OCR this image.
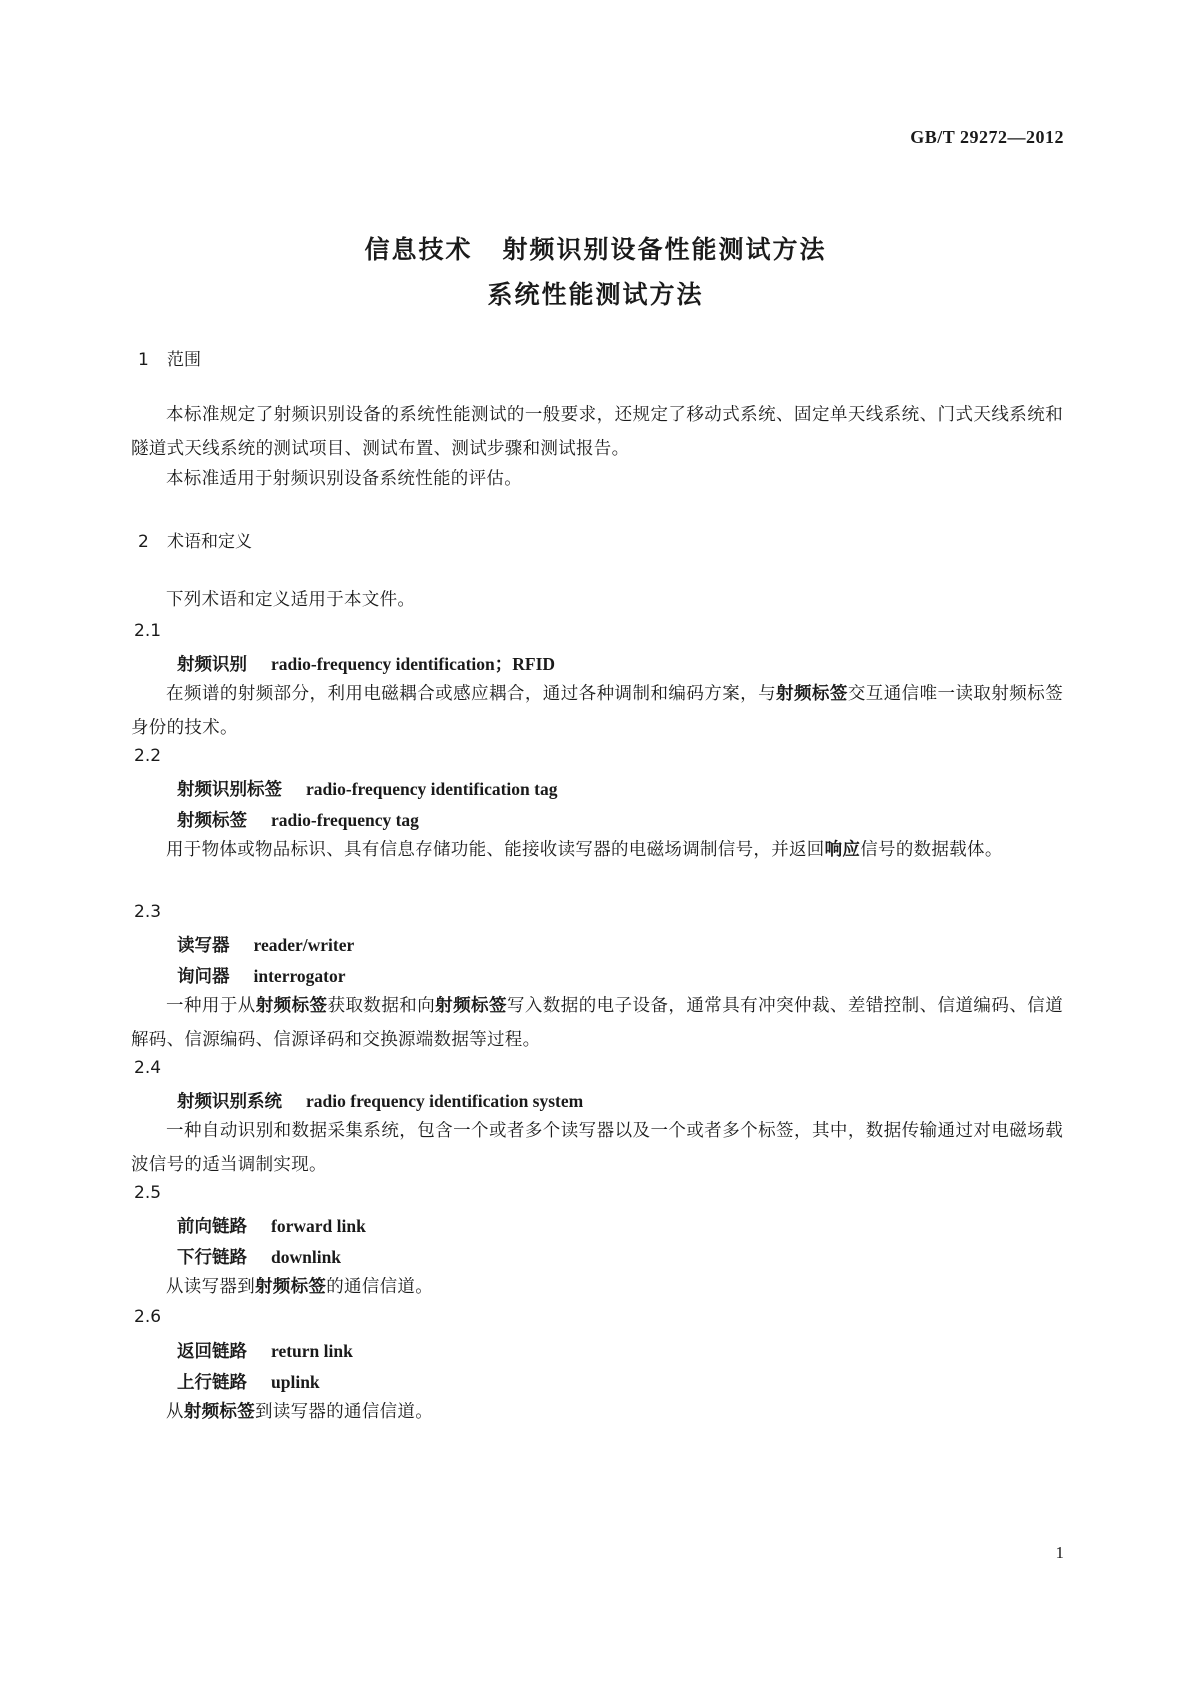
GB/T 29272—2012
信息技术 射频识别设备性能测试方法
系统性能测试方法
1 范围

本标准规定了射频识别设备的系统性能测试的一般要求，还规定了移动式系统、固定单天线系统、门式天线系统和隧道式天线系统的测试项目、测试布置、测试步骤和测试报告。

本标准适用于射频识别设备系统性能的评估。

2 术语和定义

下列术语和定义适用于本文件。

2.1
射频识别 radio-frequency identification；RFID

在频谱的射频部分，利用电磁耦合或感应耦合，通过各种调制和编码方案，与射频标签交互通信唯一读取射频标签身份的技术。

2.2
射频识别标签 radio-frequency identification tag
射频标签 radio-frequency tag

用于物体或物品标识、具有信息存储功能、能接收读写器的电磁场调制信号，并返回响应信号的数据载体。

2.3
读写器 reader/writer
询问器 interrogator

一种用于从射频标签获取数据和向射频标签写入数据的电子设备，通常具有冲突仲裁、差错控制、信道编码、信道解码、信源编码、信源译码和交换源端数据等过程。

2.4
射频识别系统 radio frequency identification system

一种自动识别和数据采集系统，包含一个或者多个读写器以及一个或者多个标签，其中，数据传输通过对电磁场载波信号的适当调制实现。

2.5
前向链路 forward link
下行链路 downlink

从读写器到射频标签的通信信道。

2.6
返回链路 return link
上行链路 uplink

从射频标签到读写器的通信信道。

1
